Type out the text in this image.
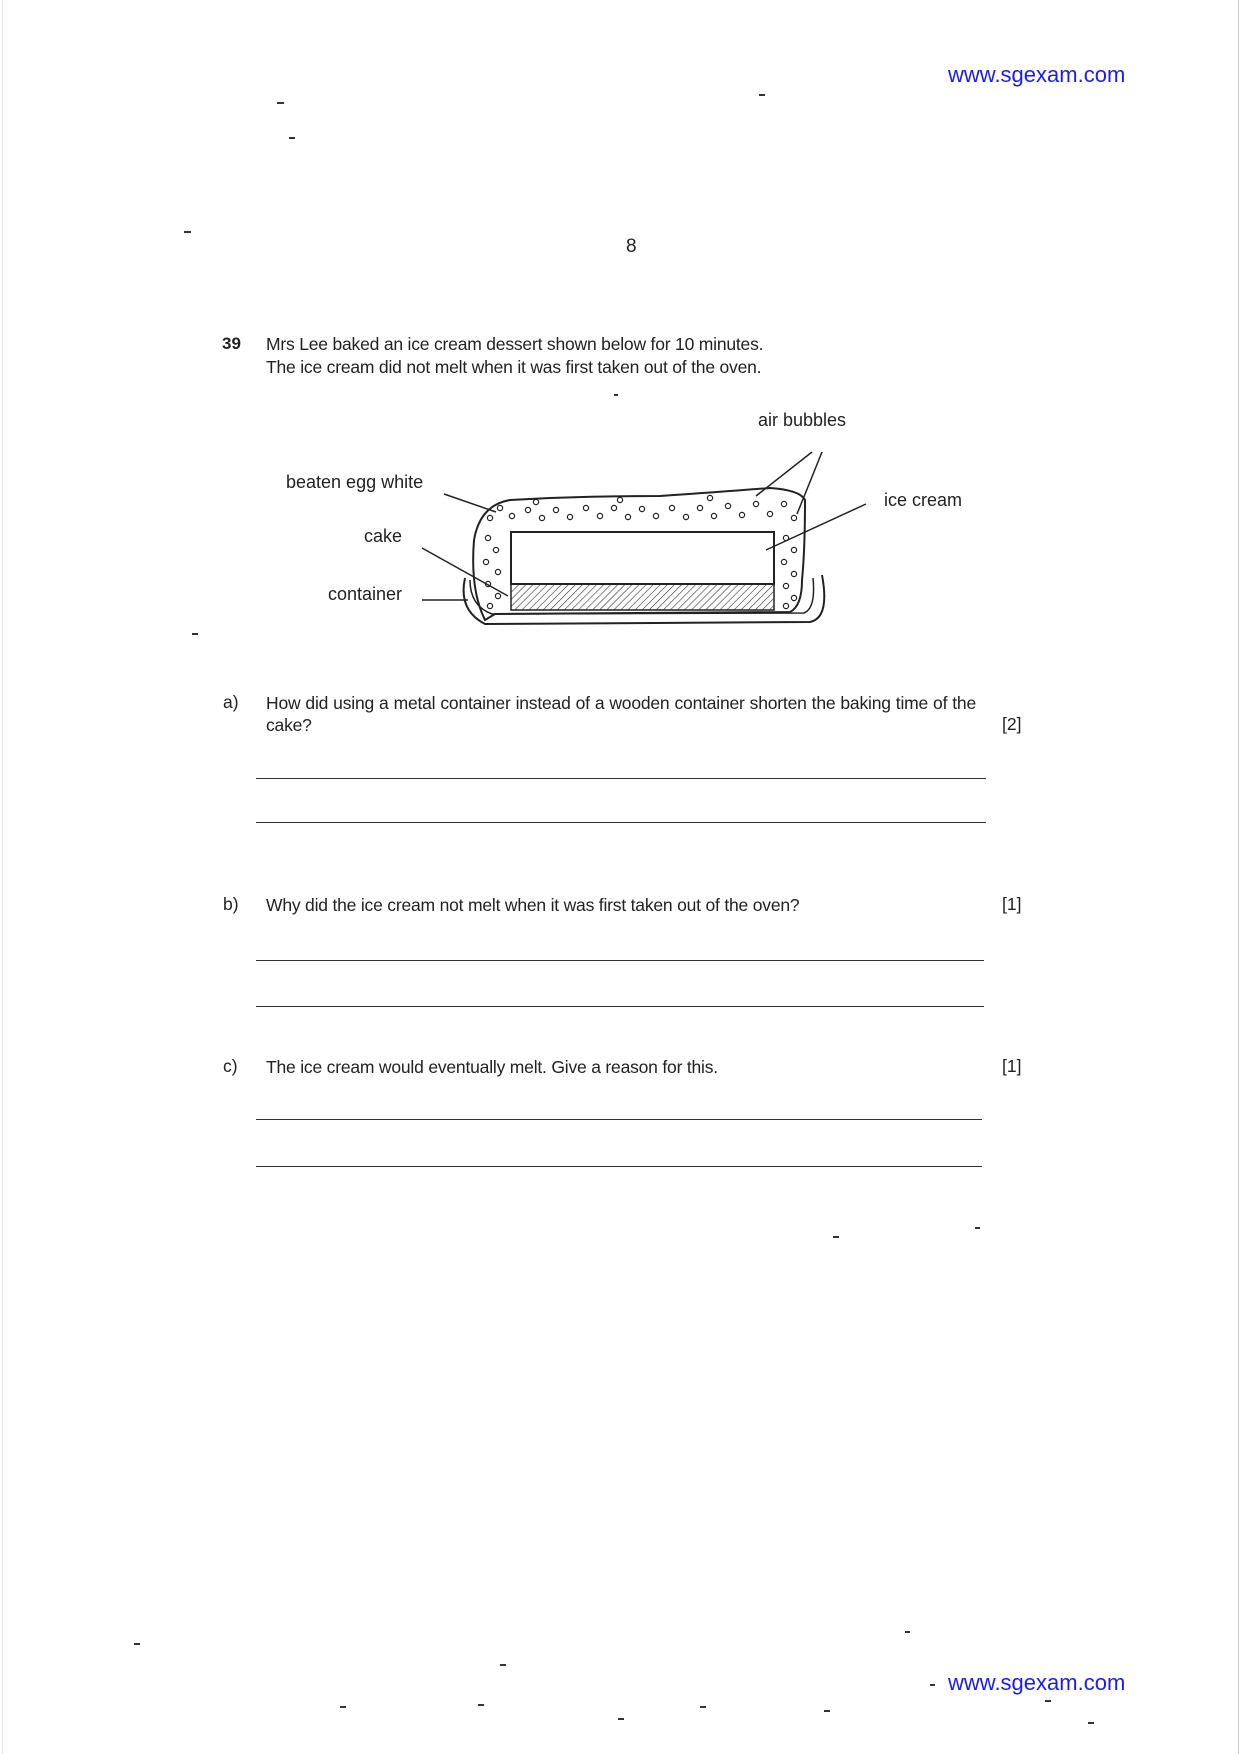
www.sgexam.com
8
39 Mrs Lee baked an ice cream dessert shown below for 10 minutes.
The ice cream did not melt when it was first taken out of the oven.
air bubbles
beaten egg white
ice cream
cake
container
a) How did using a metal container instead of a wooden container shorten the baking time of the cake?	[2]
b) Why did the ice cream not melt when it was first taken out of the oven?	[1]
c) The ice cream would eventually melt. Give a reason for this.	[1]
www.sgexam.com
